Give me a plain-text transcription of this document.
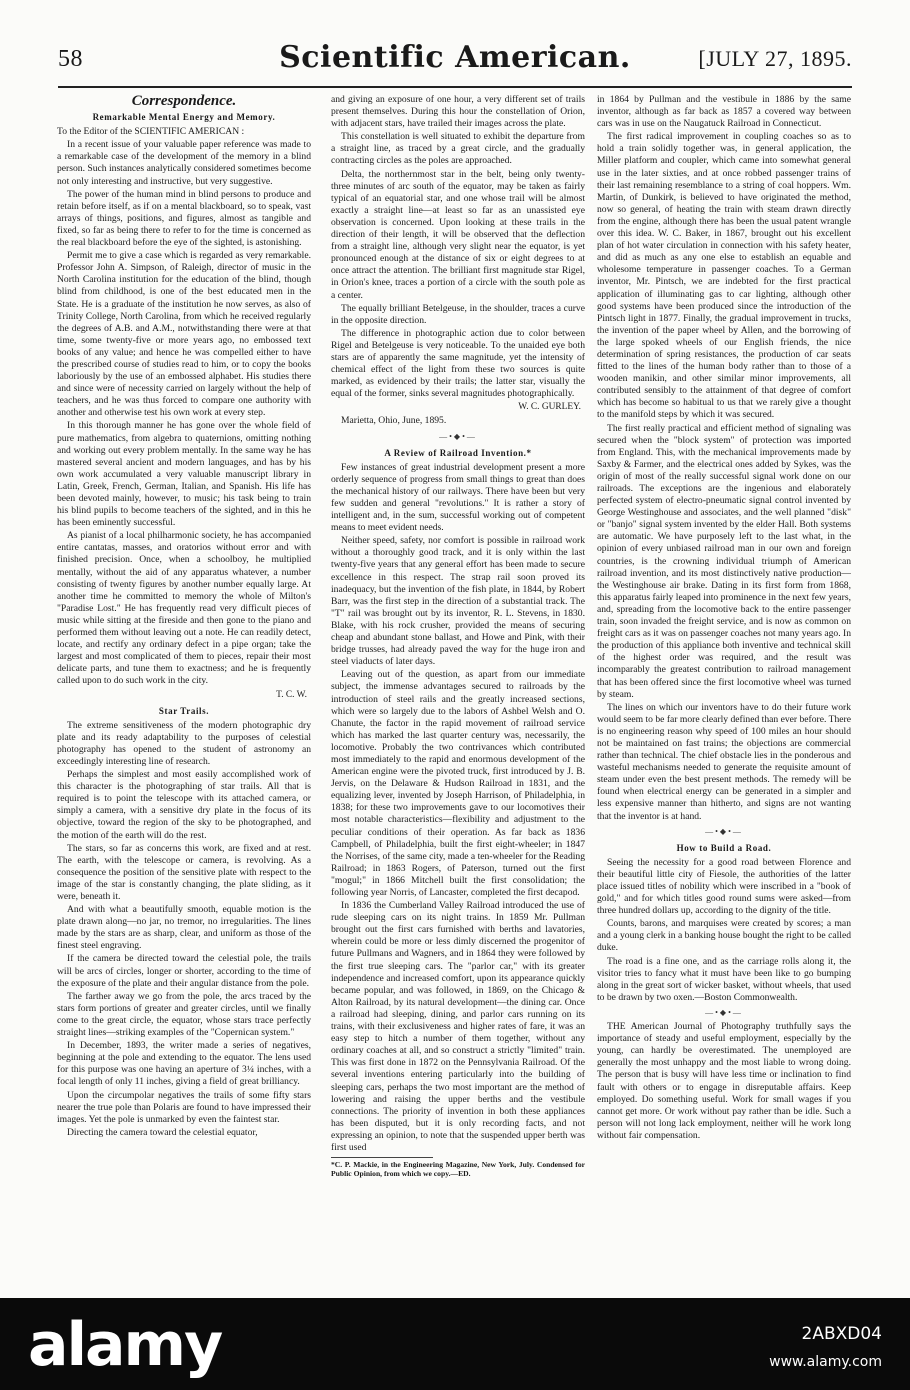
58	Scientific American.	[JULY 27, 1895.
Correspondence.
Remarkable Mental Energy and Memory.

To the Editor of the SCIENTIFIC AMERICAN :

In a recent issue of your valuable paper reference was made to a remarkable case of the development of the memory in a blind person. Such instances analytically considered sometimes become not only interesting and instructive, but very suggestive.

The power of the human mind in blind persons to produce and retain before itself, as if on a mental blackboard, so to speak, vast arrays of things, positions, and figures, almost as tangible and fixed, so far as being there to refer to for the time is concerned as the real blackboard before the eye of the sighted, is astonishing.

Permit me to give a case which is regarded as very remarkable. Professor John A. Simpson, of Raleigh, director of music in the North Carolina institution for the education of the blind, though blind from childhood, is one of the best educated men in the State. He is a graduate of the institution he now serves, as also of Trinity College, North Carolina, from which he received regularly the degrees of A.B. and A.M., notwithstanding there were at that time, some twenty-five or more years ago, no embossed text books of any value; and hence he was compelled either to have the prescribed course of studies read to him, or to copy the books laboriously by the use of an embossed alphabet. His studies there and since were of necessity carried on largely without the help of teachers, and he was thus forced to compare one authority with another and otherwise test his own work at every step.

In this thorough manner he has gone over the whole field of pure mathematics, from algebra to quaternions, omitting nothing and working out every problem mentally. In the same way he has mastered several ancient and modern languages, and has by his own work accumulated a very valuable manuscript library in Latin, Greek, French, German, Italian, and Spanish. His life has been devoted mainly, however, to music; his task being to train his blind pupils to become teachers of the sighted, and in this he has been eminently successful.

As pianist of a local philharmonic society, he has accompanied entire cantatas, masses, and oratorios without error and with finished precision. Once, when a schoolboy, he multiplied mentally, without the aid of any apparatus whatever, a number consisting of twenty figures by another number equally large. At another time he committed to memory the whole of Milton's "Paradise Lost." He has frequently read very difficult pieces of music while sitting at the fireside and then gone to the piano and performed them without leaving out a note. He can readily detect, locate, and rectify any ordinary defect in a pipe organ; take the largest and most complicated of them to pieces, repair their most delicate parts, and tune them to exactness; and he is frequently called upon to do such work in the city.

T. C. W.
Star Trails.

The extreme sensitiveness of the modern photographic dry plate and its ready adaptability to the purposes of celestial photography has opened to the student of astronomy an exceedingly interesting line of research.

Perhaps the simplest and most easily accomplished work of this character is the photographing of star trails. All that is required is to point the telescope with its attached camera, or simply a camera, with a sensitive dry plate in the focus of its objective, toward the region of the sky to be photographed, and the motion of the earth will do the rest.

The stars, so far as concerns this work, are fixed and at rest. The earth, with the telescope or camera, is revolving. As a consequence the position of the sensitive plate with respect to the image of the star is constantly changing, the plate sliding, as it were, beneath it.

And with what a beautifully smooth, equable motion is the plate drawn along—no jar, no tremor, no irregularities. The lines made by the stars are as sharp, clear, and uniform as those of the finest steel engraving.

If the camera be directed toward the celestial pole, the trails will be arcs of circles, longer or shorter, according to the time of the exposure of the plate and their angular distance from the pole.

The farther away we go from the pole, the arcs traced by the stars form portions of greater and greater circles, until we finally come to the great circle, the equator, whose stars trace perfectly straight lines—striking examples of the "Copernican system."

In December, 1893, the writer made a series of negatives, beginning at the pole and extending to the equator. The lens used for this purpose was one having an aperture of 3¼ inches, with a focal length of only 11 inches, giving a field of great brilliancy.

Upon the circumpolar negatives the trails of some fifty stars nearer the true pole than Polaris are found to have impressed their images. Yet the pole is unmarked by even the faintest star.

Directing the camera toward the celestial equator,

and giving an exposure of one hour, a very different set of trails present themselves. During this hour the constellation of Orion, with adjacent stars, have trailed their images across the plate.

This constellation is well situated to exhibit the departure from a straight line, as traced by a great circle, and the gradually contracting circles as the poles are approached.

Delta, the northernmost star in the belt, being only twenty-three minutes of arc south of the equator, may be taken as fairly typical of an equatorial star, and one whose trail will be almost exactly a straight line—at least so far as an unassisted eye observation is concerned. Upon looking at these trails in the direction of their length, it will be observed that the deflection from a straight line, although very slight near the equator, is yet pronounced enough at the distance of six or eight degrees to at once attract the attention. The brilliant first magnitude star Rigel, in Orion's knee, traces a portion of a circle with the south pole as a center.

The equally brilliant Betelgeuse, in the shoulder, traces a curve in the opposite direction.

The difference in photographic action due to color between Rigel and Betelgeuse is very noticeable. To the unaided eye both stars are of apparently the same magnitude, yet the intensity of chemical effect of the light from these two sources is quite marked, as evidenced by their trails; the latter star, visually the equal of the former, sinks several magnitudes photographically.

W. C. GURLEY.

Marietta, Ohio, June, 1895.

—•◆•—
A Review of Railroad Invention.*

Few instances of great industrial development present a more orderly sequence of progress from small things to great than does the mechanical history of our railways. There have been but very few sudden and general "revolutions." It is rather a story of intelligent and, in the sum, successful working out of competent means to meet evident needs.

Neither speed, safety, nor comfort is possible in railroad work without a thoroughly good track, and it is only within the last twenty-five years that any general effort has been made to secure excellence in this respect. The strap rail soon proved its inadequacy, but the invention of the fish plate, in 1844, by Robert Barr, was the first step in the direction of a substantial track. The "T" rail was brought out by its inventor, R. L. Stevens, in 1830. Blake, with his rock crusher, provided the means of securing cheap and abundant stone ballast, and Howe and Pink, with their bridge trusses, had already paved the way for the huge iron and steel viaducts of later days.

Leaving out of the question, as apart from our immediate subject, the immense advantages secured to railroads by the introduction of steel rails and the greatly increased sections, which were so largely due to the labors of Ashbel Welsh and O. Chanute, the factor in the rapid movement of railroad service which has marked the last quarter century was, necessarily, the locomotive. Probably the two contrivances which contributed most immediately to the rapid and enormous development of the American engine were the pivoted truck, first introduced by J. B. Jervis, on the Delaware & Hudson Railroad in 1831, and the equalizing lever, invented by Joseph Harrison, of Philadelphia, in 1838; for these two improvements gave to our locomotives their most notable characteristics—flexibility and adjustment to the peculiar conditions of their operation. As far back as 1836 Campbell, of Philadelphia, built the first eight-wheeler; in 1847 the Norrises, of the same city, made a ten-wheeler for the Reading Railroad; in 1863 Rogers, of Paterson, turned out the first "mogul;" in 1866 Mitchell built the first consolidation; the following year Norris, of Lancaster, completed the first decapod.

In 1836 the Cumberland Valley Railroad introduced the use of rude sleeping cars on its night trains. In 1859 Mr. Pullman brought out the first cars furnished with berths and lavatories, wherein could be more or less dimly discerned the progenitor of future Pullmans and Wagners, and in 1864 they were followed by the first true sleeping cars. The "parlor car," with its greater independence and increased comfort, upon its appearance quickly became popular, and was followed, in 1869, on the Chicago & Alton Railroad, by its natural development—the dining car. Once a railroad had sleeping, dining, and parlor cars running on its trains, with their exclusiveness and higher rates of fare, it was an easy step to hitch a number of them together, without any ordinary coaches at all, and so construct a strictly "limited" train. This was first done in 1872 on the Pennsylvania Railroad. Of the several inventions entering particularly into the building of sleeping cars, perhaps the two most important are the method of lowering and raising the upper berths and the vestibule connections. The priority of invention in both these appliances has been disputed, but it is only recording facts, and not expressing an opinion, to note that the suspended upper berth was first used

*C. P. Mackie, in the Engineering Magazine, New York, July. Condensed for Public Opinion, from which we copy.—ED.

in 1864 by Pullman and the vestibule in 1886 by the same inventor, although as far back as 1857 a covered way between cars was in use on the Naugatuck Railroad in Connecticut.

The first radical improvement in coupling coaches so as to hold a train solidly together was, in general application, the Miller platform and coupler, which came into somewhat general use in the later sixties, and at once robbed passenger trains of their last remaining resemblance to a string of coal hoppers. Wm. Martin, of Dunkirk, is believed to have originated the method, now so general, of heating the train with steam drawn directly from the engine, although there has been the usual patent wrangle over this idea. W. C. Baker, in 1867, brought out his excellent plan of hot water circulation in connection with his safety heater, and did as much as any one else to establish an equable and wholesome temperature in passenger coaches. To a German inventor, Mr. Pintsch, we are indebted for the first practical application of illuminating gas to car lighting, although other good systems have been produced since the introduction of the Pintsch light in 1877. Finally, the gradual improvement in trucks, the invention of the paper wheel by Allen, and the borrowing of the large spoked wheels of our English friends, the nice determination of spring resistances, the production of car seats fitted to the lines of the human body rather than to those of a wooden manikin, and other similar minor improvements, all contributed sensibly to the attainment of that degree of comfort which has become so habitual to us that we rarely give a thought to the manifold steps by which it was secured.

The first really practical and efficient method of signaling was secured when the "block system" of protection was imported from England. This, with the mechanical improvements made by Saxby & Farmer, and the electrical ones added by Sykes, was the origin of most of the really successful signal work done on our railroads. The exceptions are the ingenious and elaborately perfected system of electro-pneumatic signal control invented by George Westinghouse and associates, and the well planned "disk" or "banjo" signal system invented by the elder Hall. Both systems are automatic. We have purposely left to the last what, in the opinion of every unbiased railroad man in our own and foreign countries, is the crowning individual triumph of American railroad invention, and its most distinctively native production—the Westinghouse air brake. Dating in its first form from 1868, this apparatus fairly leaped into prominence in the next few years, and, spreading from the locomotive back to the entire passenger train, soon invaded the freight service, and is now as common on freight cars as it was on passenger coaches not many years ago. In the production of this appliance both inventive and technical skill of the highest order was required, and the result was incomparably the greatest contribution to railroad management that has been offered since the first locomotive wheel was turned by steam.

The lines on which our inventors have to do their future work would seem to be far more clearly defined than ever before. There is no engineering reason why speed of 100 miles an hour should not be maintained on fast trains; the objections are commercial rather than technical. The chief obstacle lies in the ponderous and wasteful mechanisms needed to generate the requisite amount of steam under even the best present methods. The remedy will be found when electrical energy can be generated in a simpler and less expensive manner than hitherto, and signs are not wanting that the inventor is at hand.

—•◆•—
How to Build a Road.

Seeing the necessity for a good road between Florence and their beautiful little city of Fiesole, the authorities of the latter place issued titles of nobility which were inscribed in a "book of gold," and for which titles good round sums were asked—from three hundred dollars up, according to the dignity of the title.

Counts, barons, and marquises were created by scores; a man and a young clerk in a banking house bought the right to be called duke.

The road is a fine one, and as the carriage rolls along it, the visitor tries to fancy what it must have been like to go bumping along in the great sort of wicker basket, without wheels, that used to be drawn by two oxen.—Boston Commonwealth.

—•◆•—

THE American Journal of Photography truthfully says the importance of steady and useful employment, especially by the young, can hardly be overestimated. The unemployed are generally the most unhappy and the most liable to wrong doing. The person that is busy will have less time or inclination to find fault with others or to engage in disreputable affairs. Keep employed. Do something useful. Work for small wages if you cannot get more. Or work without pay rather than be idle. Such a person will not long lack employment, neither will he work long without fair compensation.

alamy	2ABXD04
www.alamy.com
